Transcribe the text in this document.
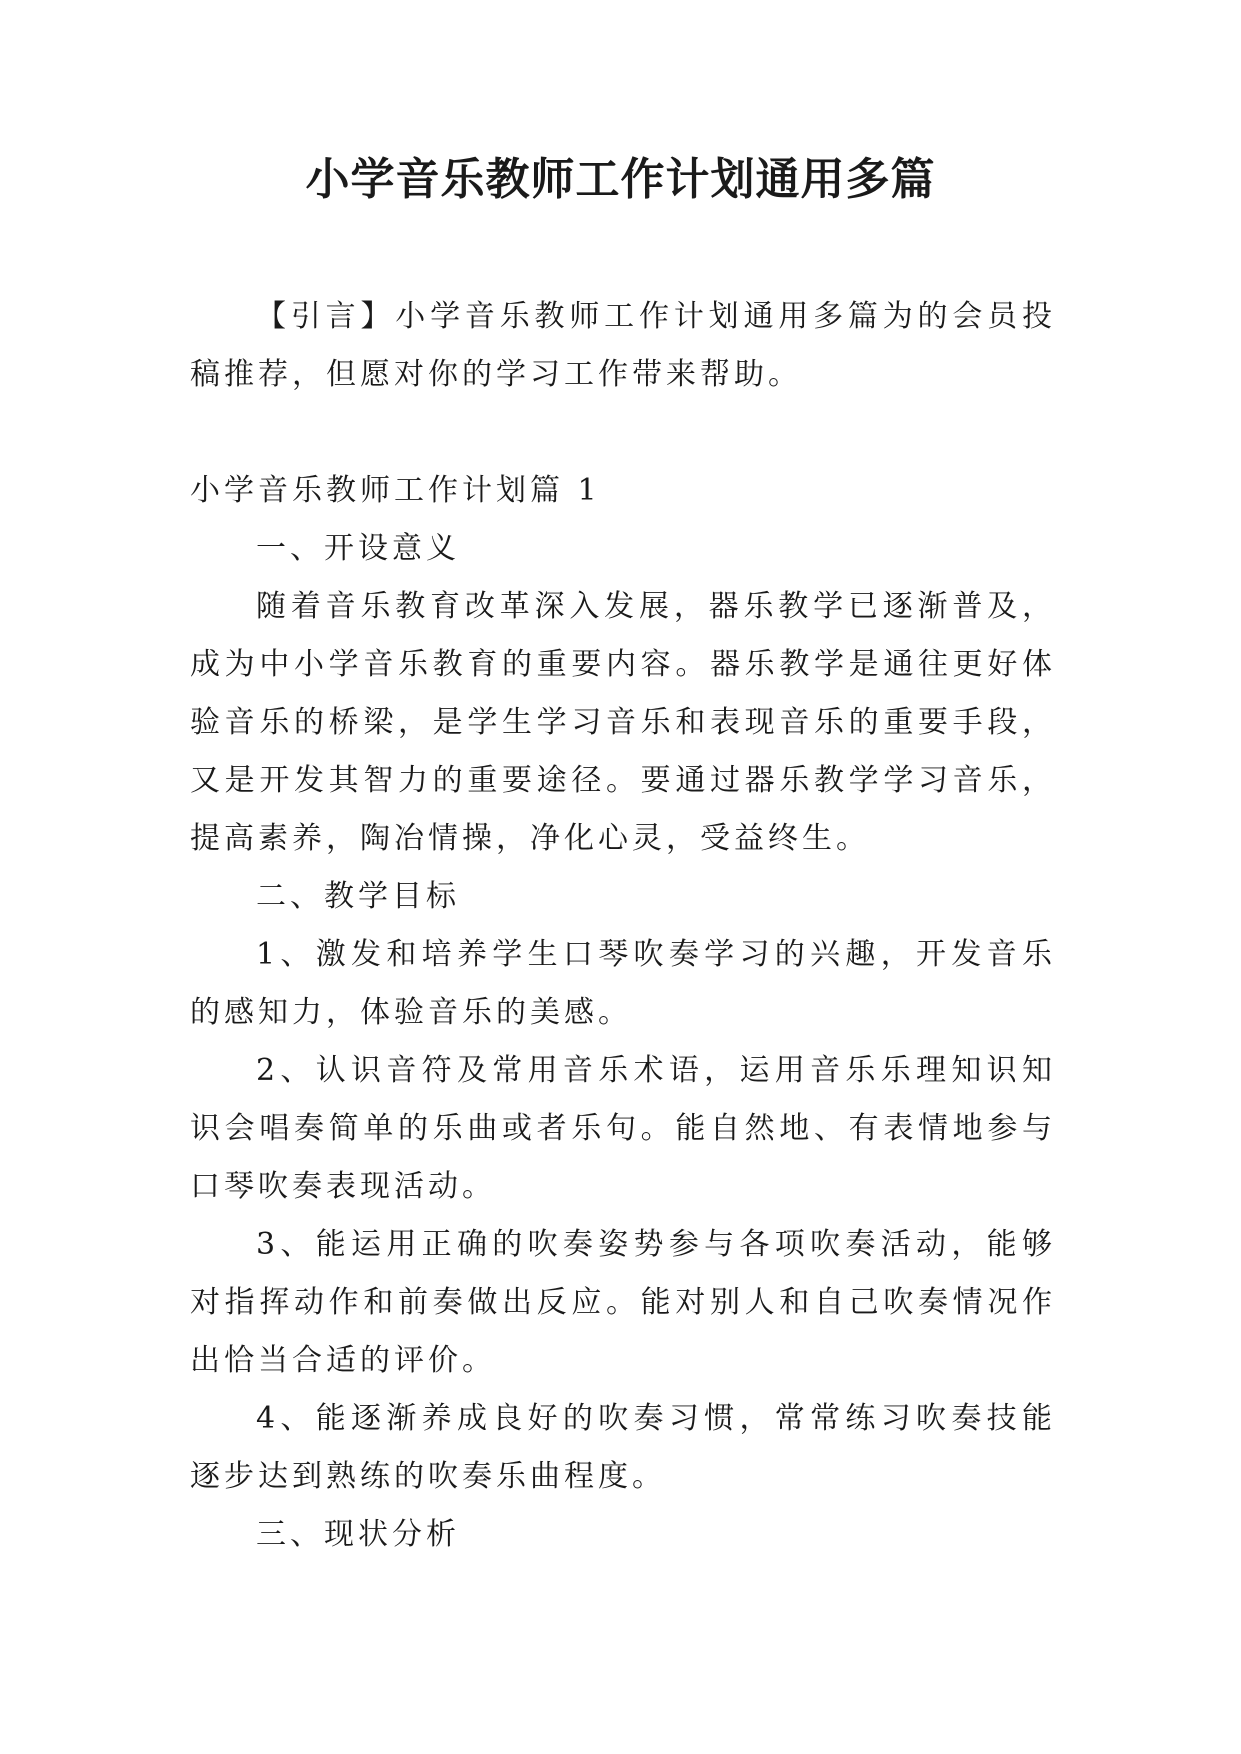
小学音乐教师工作计划通用多篇

【引言】小学音乐教师工作计划通用多篇为的会员投稿推荐，但愿对你的学习工作带来帮助。

小学音乐教师工作计划篇 1

一、开设意义

随着音乐教育改革深入发展，器乐教学已逐渐普及，成为中小学音乐教育的重要内容。器乐教学是通往更好体验音乐的桥梁，是学生学习音乐和表现音乐的重要手段，又是开发其智力的重要途径。要通过器乐教学学习音乐，提高素养，陶冶情操，净化心灵，受益终生。

二、教学目标

1、激发和培养学生口琴吹奏学习的兴趣，开发音乐的感知力，体验音乐的美感。

2、认识音符及常用音乐术语，运用音乐乐理知识知识会唱奏简单的乐曲或者乐句。能自然地、有表情地参与口琴吹奏表现活动。

3、能运用正确的吹奏姿势参与各项吹奏活动，能够对指挥动作和前奏做出反应。能对别人和自己吹奏情况作出恰当合适的评价。

4、能逐渐养成良好的吹奏习惯，常常练习吹奏技能逐步达到熟练的吹奏乐曲程度。

三、现状分析
